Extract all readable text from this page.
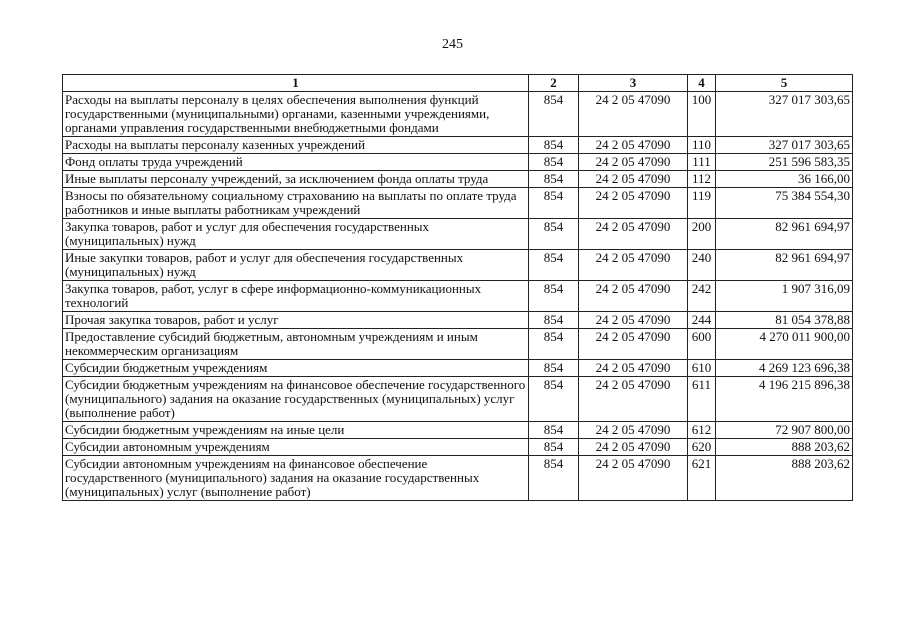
245
1	2	3	4	5
Расходы на выплаты персоналу в целях обеспечения выполнения функций государственными (муниципальными) органами, казенными учреждениями, органами управления государственными внебюджетными фондами	854	24 2 05 47090	100	327 017 303,65
Расходы на выплаты персоналу казенных учреждений	854	24 2 05 47090	110	327 017 303,65
Фонд оплаты труда учреждений	854	24 2 05 47090	111	251 596 583,35
Иные выплаты персоналу учреждений, за исключением фонда оплаты труда	854	24 2 05 47090	112	36 166,00
Взносы по обязательному социальному страхованию на выплаты по оплате труда работников и иные выплаты работникам учреждений	854	24 2 05 47090	119	75 384 554,30
Закупка товаров, работ и услуг для обеспечения государственных (муниципальных) нужд	854	24 2 05 47090	200	82 961 694,97
Иные закупки товаров, работ и услуг для обеспечения государственных (муниципальных) нужд	854	24 2 05 47090	240	82 961 694,97
Закупка товаров, работ, услуг в сфере информационно-коммуникационных технологий	854	24 2 05 47090	242	1 907 316,09
Прочая закупка товаров, работ и услуг	854	24 2 05 47090	244	81 054 378,88
Предоставление субсидий бюджетным, автономным учреждениям и иным некоммерческим организациям	854	24 2 05 47090	600	4 270 011 900,00
Субсидии бюджетным учреждениям	854	24 2 05 47090	610	4 269 123 696,38
Субсидии бюджетным учреждениям на финансовое обеспечение государственного (муниципального) задания на оказание государственных (муниципальных) услуг (выполнение работ)	854	24 2 05 47090	611	4 196 215 896,38
Субсидии бюджетным учреждениям на иные цели	854	24 2 05 47090	612	72 907 800,00
Субсидии автономным учреждениям	854	24 2 05 47090	620	888 203,62
Субсидии автономным учреждениям на финансовое обеспечение государственного (муниципального) задания на оказание государственных (муниципальных) услуг (выполнение работ)	854	24 2 05 47090	621	888 203,62
